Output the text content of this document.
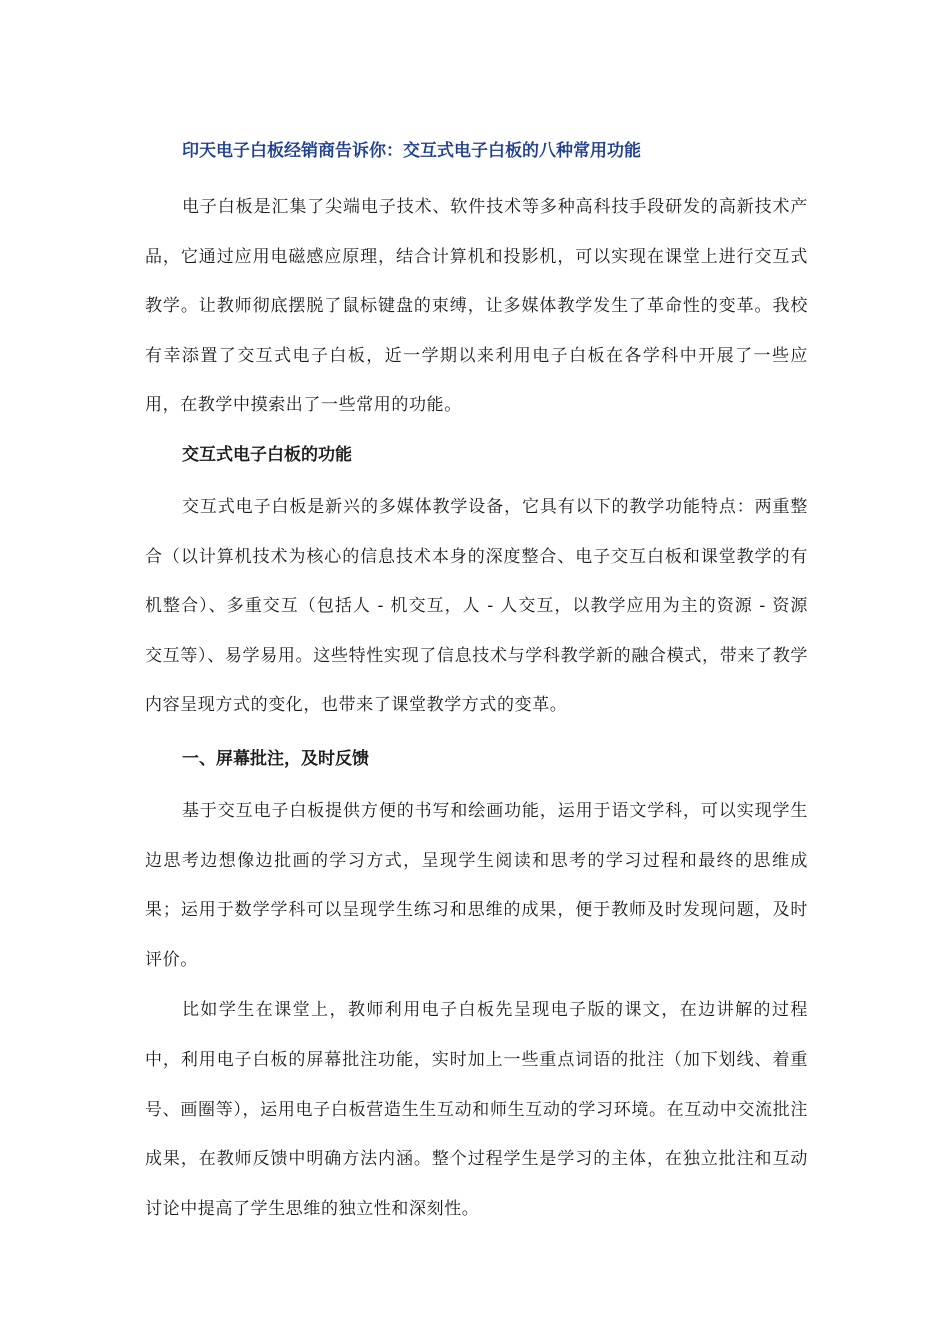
印天电子白板经销商告诉你：交互式电子白板的八种常用功能

电子白板是汇集了尖端电子技术、软件技术等多种高科技手段研发的高新技术产品，它通过应用电磁感应原理，结合计算机和投影机，可以实现在课堂上进行交互式教学。让教师彻底摆脱了鼠标键盘的束缚，让多媒体教学发生了革命性的变革。我校有幸添置了交互式电子白板，近一学期以来利用电子白板在各学科中开展了一些应用，在教学中摸索出了一些常用的功能。

交互式电子白板的功能

交互式电子白板是新兴的多媒体教学设备，它具有以下的教学功能特点：两重整合（以计算机技术为核心的信息技术本身的深度整合、电子交互白板和课堂教学的有机整合）、多重交互（包括人 - 机交互，人 - 人交互，以教学应用为主的资源 - 资源交互等）、易学易用。这些特性实现了信息技术与学科教学新的融合模式，带来了教学内容呈现方式的变化，也带来了课堂教学方式的变革。

一、屏幕批注，及时反馈

基于交互电子白板提供方便的书写和绘画功能，运用于语文学科，可以实现学生边思考边想像边批画的学习方式，呈现学生阅读和思考的学习过程和最终的思维成果；运用于数学学科可以呈现学生练习和思维的成果，便于教师及时发现问题，及时评价。

比如学生在课堂上，教师利用电子白板先呈现电子版的课文，在边讲解的过程中，利用电子白板的屏幕批注功能，实时加上一些重点词语的批注（加下划线、着重号、画圈等），运用电子白板营造生生互动和师生互动的学习环境。在互动中交流批注成果，在教师反馈中明确方法内涵。整个过程学生是学习的主体，在独立批注和互动讨论中提高了学生思维的独立性和深刻性。
